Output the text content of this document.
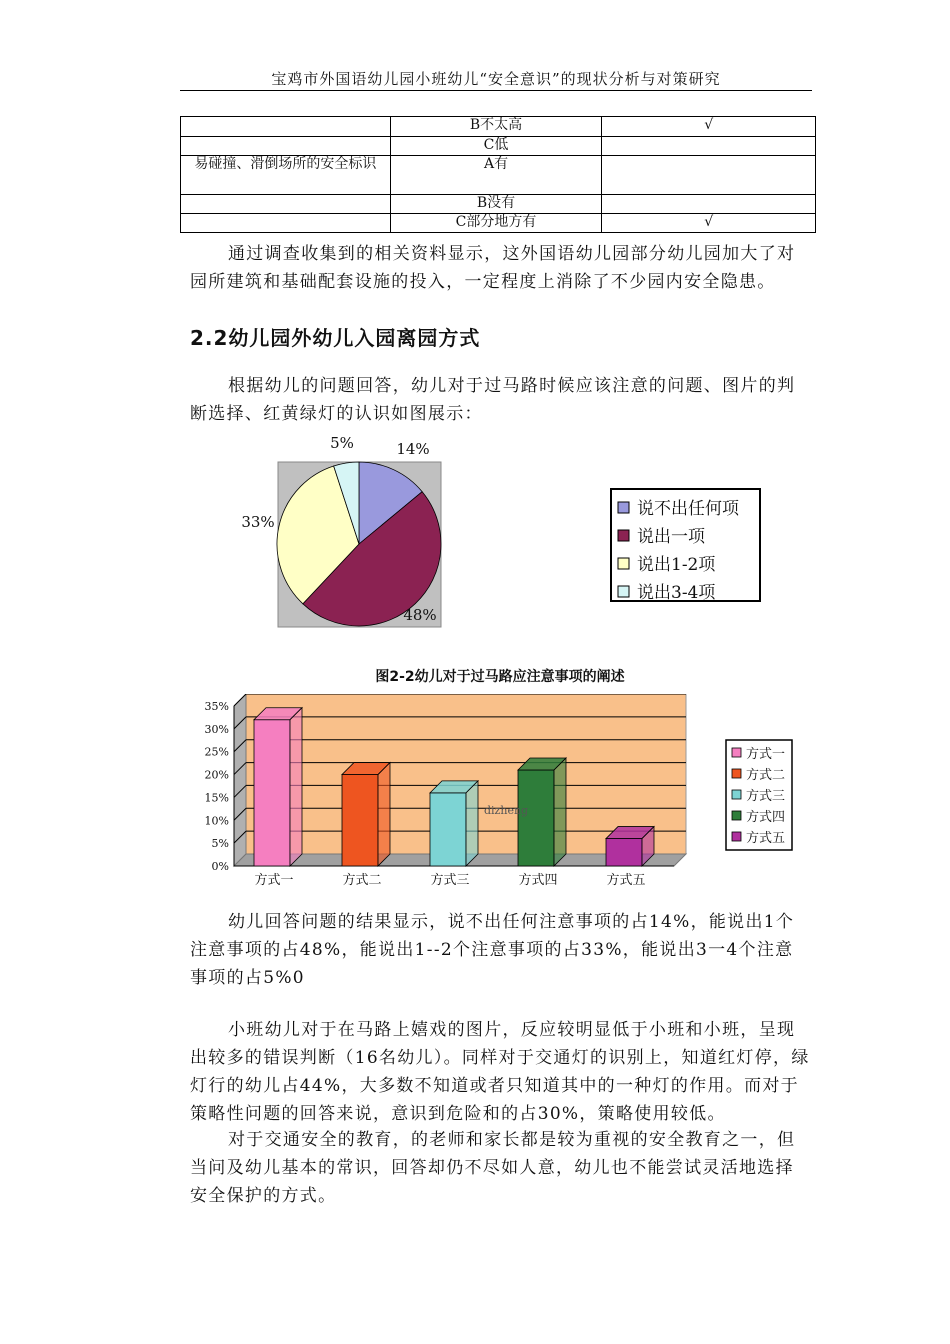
宝鸡市外国语幼儿园小班幼儿“安全意识”的现状分析与对策研究
	B不太高	√
	C低	
易碰撞、滑倒场所的安全标识	A有	
	B没有	
	C部分地方有	√
通过调查收集到的相关资料显示，这外国语幼儿园部分幼儿园加大了对园所建筑和基础配套设施的投入，一定程度上消除了不少园内安全隐患。
2.2幼儿园外幼儿入园离园方式
根据幼儿的问题回答，幼儿对于过马路时候应该注意的问题、图片的判断选择、红黄绿灯的认识如图展示：
14%
48%
33%
5%
说不出任何项
说出一项
说出1-2项
说出3-4项
图2-2幼儿对于过马路应注意事项的阐述
0%
5%
10%
15%
20%
25%
30%
35%
方式一	方式二	方式三	方式四	方式五
dizheng
方式一
方式二
方式三
方式四
方式五
幼儿回答问题的结果显示，说不出任何注意事项的占14%，能说出1个注意事项的占48%，能说出1--2个注意事项的占33%，能说出3一4个注意事项的占5%0
小班幼儿对于在马路上嬉戏的图片，反应较明显低于小班和小班，呈现出较多的错误判断（16名幼儿）。同样对于交通灯的识别上，知道红灯停，绿灯行的幼儿占44%，大多数不知道或者只知道其中的一种灯的作用。而对于策略性问题的回答来说，意识到危险和的占30%，策略使用较低。
对于交通安全的教育，的老师和家长都是较为重视的安全教育之一，但当问及幼儿基本的常识，回答却仍不尽如人意，幼儿也不能尝试灵活地选择安全保护的方式。
